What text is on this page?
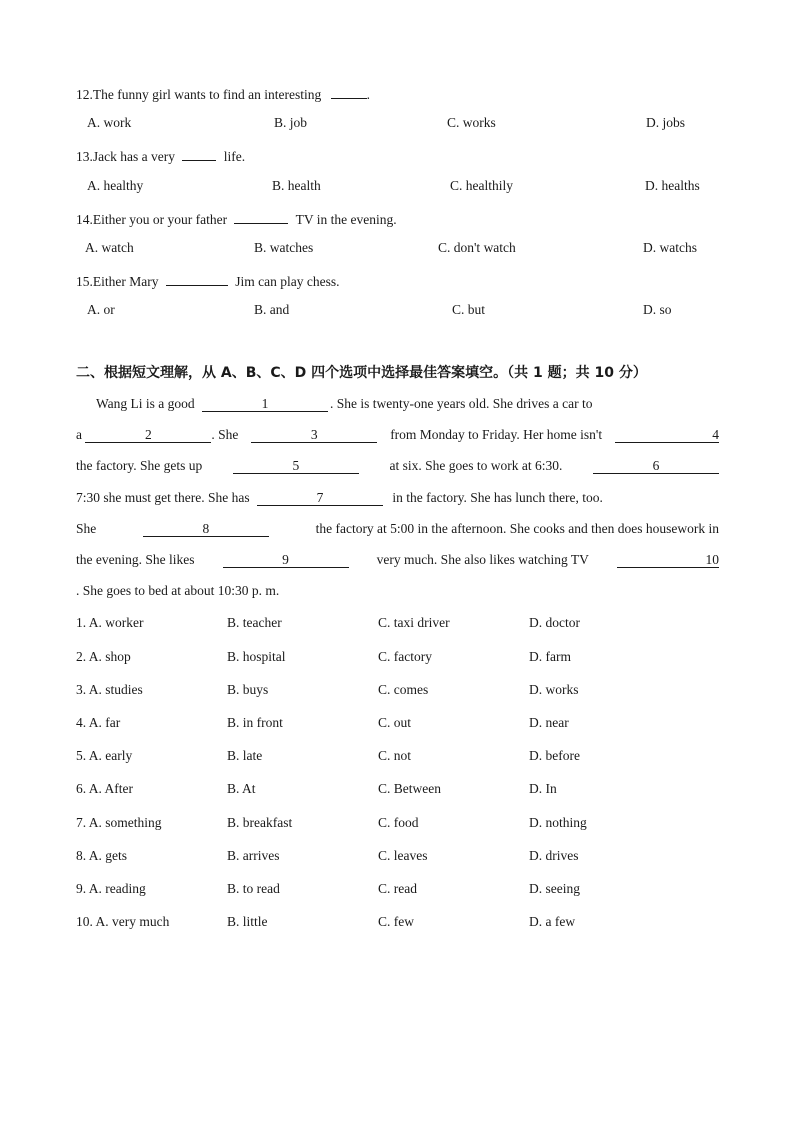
12.The funny girl wants to find an interesting	.
A. work	B. job	C. works	D. jobs
13.Jack has a very	life.
A. healthy	B. health	C. healthily	D. healths
14.Either you or your father	TV in the evening.
A. watch	B. watches	C. don't watch	D. watchs
15.Either Mary	Jim can play chess.
A. or	B. and	C. but	D. so
二、根据短文理解，从 A、B、C、D 四个选项中选择最佳答案填空。（共 1 题；共 10 分）
Wang Li is a good	1	. She is twenty-one years old. She drives a car to
a	2	. She	3	from Monday to Friday. Her home isn't	4
the factory. She gets up	5	at six. She goes to work at 6:30.	6
7:30 she must get there. She has	7	in the factory. She has lunch there, too.
She	8	the factory at 5:00 in the afternoon. She cooks and then does housework in
the evening. She likes	9	very much. She also likes watching TV	10
. She goes to bed at about 10:30 p. m.
1. A. worker	B. teacher	C. taxi driver	D. doctor
2. A. shop	B. hospital	C. factory	D. farm
3. A. studies	B. buys	C. comes	D. works
4. A. far	B. in front	C. out	D. near
5. A. early	B. late	C. not	D. before
6. A. After	B. At	C. Between	D. In
7. A. something	B. breakfast	C. food	D. nothing
8. A. gets	B. arrives	C. leaves	D. drives
9. A. reading	B. to read	C. read	D. seeing
10. A. very much	B. little	C. few	D. a few
